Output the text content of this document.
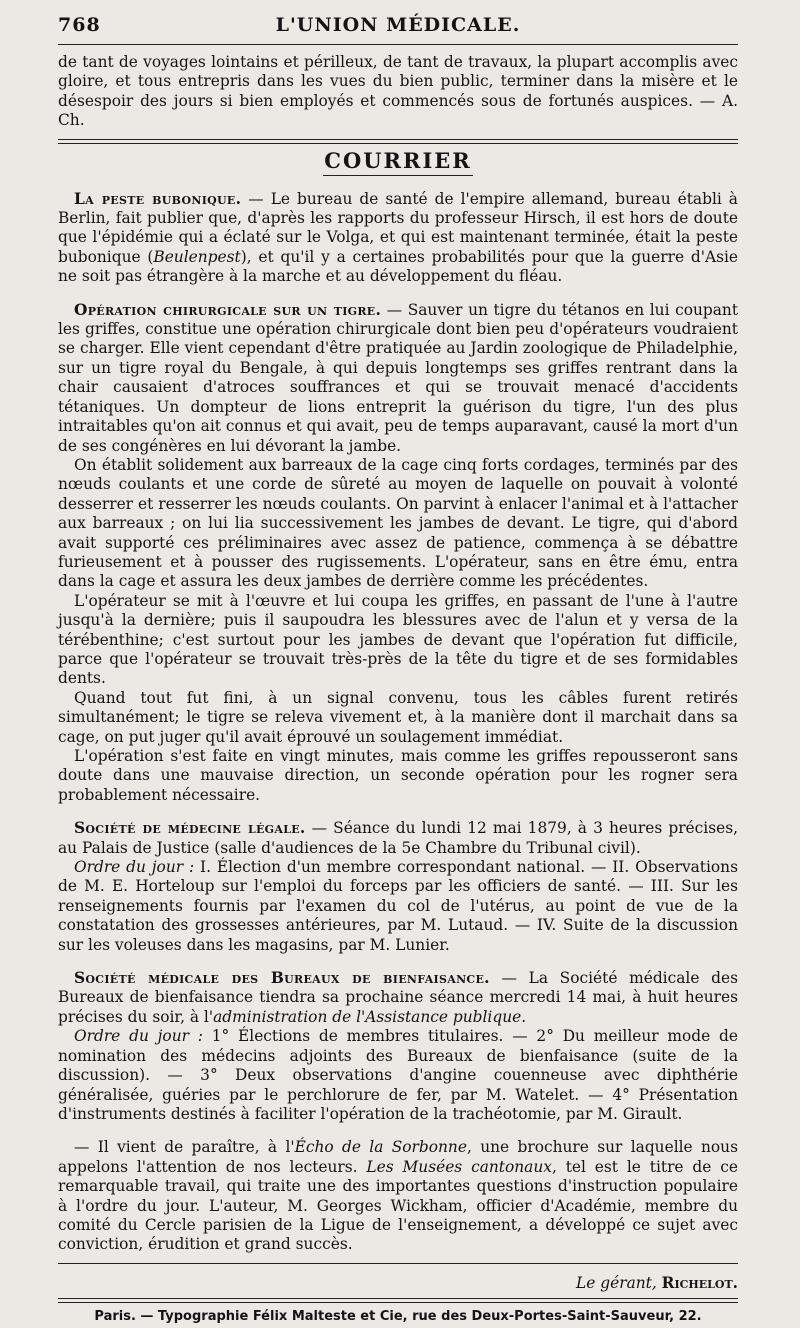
768	L'UNION MÉDICALE.

de tant de voyages lointains et périlleux, de tant de travaux, la plupart accomplis avec gloire, et tous entrepris dans les vues du bien public, terminer dans la misère et le désespoir des jours si bien employés et commencés sous de fortunés auspices. — A. Ch.

COURRIER

La peste bubonique. — Le bureau de santé de l'empire allemand, bureau établi à Berlin, fait publier que, d'après les rapports du professeur Hirsch, il est hors de doute que l'épidémie qui a éclaté sur le Volga, et qui est maintenant terminée, était la peste bubonique (Beulenpest), et qu'il y a certaines probabilités pour que la guerre d'Asie ne soit pas étrangère à la marche et au développement du fléau.

Opération chirurgicale sur un tigre. — Sauver un tigre du tétanos en lui coupant les griffes, constitue une opération chirurgicale dont bien peu d'opérateurs voudraient se charger. Elle vient cependant d'être pratiquée au Jardin zoologique de Philadelphie, sur un tigre royal du Bengale, à qui depuis longtemps ses griffes rentrant dans la chair causaient d'atroces souffrances et qui se trouvait menacé d'accidents tétaniques. Un dompteur de lions entreprit la guérison du tigre, l'un des plus intraitables qu'on ait connus et qui avait, peu de temps auparavant, causé la mort d'un de ses congénères en lui dévorant la jambe.

On établit solidement aux barreaux de la cage cinq forts cordages, terminés par des nœuds coulants et une corde de sûreté au moyen de laquelle on pouvait à volonté desserrer et resserrer les nœuds coulants. On parvint à enlacer l'animal et à l'attacher aux barreaux ; on lui lia successivement les jambes de devant. Le tigre, qui d'abord avait supporté ces préliminaires avec assez de patience, commença à se débattre furieusement et à pousser des rugissements. L'opérateur, sans en être ému, entra dans la cage et assura les deux jambes de derrière comme les précédentes.

L'opérateur se mit à l'œuvre et lui coupa les griffes, en passant de l'une à l'autre jusqu'à la dernière; puis il saupoudra les blessures avec de l'alun et y versa de la térébenthine; c'est surtout pour les jambes de devant que l'opération fut difficile, parce que l'opérateur se trouvait très-près de la tête du tigre et de ses formidables dents.

Quand tout fut fini, à un signal convenu, tous les câbles furent retirés simultanément; le tigre se releva vivement et, à la manière dont il marchait dans sa cage, on put juger qu'il avait éprouvé un soulagement immédiat.

L'opération s'est faite en vingt minutes, mais comme les griffes repousseront sans doute dans une mauvaise direction, un seconde opération pour les rogner sera probablement nécessaire.

Société de médecine légale. — Séance du lundi 12 mai 1879, à 3 heures précises, au Palais de Justice (salle d'audiences de la 5e Chambre du Tribunal civil).

Ordre du jour : I. Élection d'un membre correspondant national. — II. Observations de M. E. Horteloup sur l'emploi du forceps par les officiers de santé. — III. Sur les renseignements fournis par l'examen du col de l'utérus, au point de vue de la constatation des grossesses antérieures, par M. Lutaud. — IV. Suite de la discussion sur les voleuses dans les magasins, par M. Lunier.

Société médicale des Bureaux de bienfaisance. — La Société médicale des Bureaux de bienfaisance tiendra sa prochaine séance mercredi 14 mai, à huit heures précises du soir, à l'administration de l'Assistance publique.

Ordre du jour : 1° Élections de membres titulaires. — 2° Du meilleur mode de nomination des médecins adjoints des Bureaux de bienfaisance (suite de la discussion). — 3° Deux observations d'angine couenneuse avec diphthérie généralisée, guéries par le perchlorure de fer, par M. Watelet. — 4° Présentation d'instruments destinés à faciliter l'opération de la trachéotomie, par M. Girault.

— Il vient de paraître, à l'Écho de la Sorbonne, une brochure sur laquelle nous appelons l'attention de nos lecteurs. Les Musées cantonaux, tel est le titre de ce remarquable travail, qui traite une des importantes questions d'instruction populaire à l'ordre du jour. L'auteur, M. Georges Wickham, officier d'Académie, membre du comité du Cercle parisien de la Ligue de l'enseignement, a développé ce sujet avec conviction, érudition et grand succès.

Le gérant, Richelot.
Paris. — Typographie Félix Malteste et Cie, rue des Deux-Portes-Saint-Sauveur, 22.
